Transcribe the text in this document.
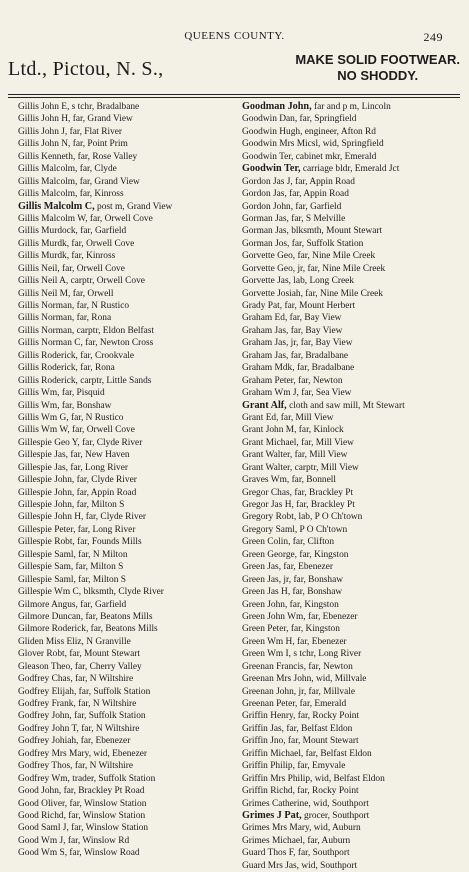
QUEENS COUNTY.	249
Ltd., Pictou, N. S.,	MAKE SOLID FOOTWEAR.
NO SHODDY.
Gillis John E, s tchr, Bradalbane
Gillis John H, far, Grand View
Gillis John J, far, Flat River
Gillis John N, far, Point Prim
Gillis Kenneth, far, Rose Valley
Gillis Malcolm, far, Clyde
Gillis Malcolm, far, Grand View
Gillis Malcolm, far, Kinross
Gillis Malcolm C, post m, Grand View
Gillis Malcolm W, far, Orwell Cove
Gillis Murdock, far, Garfield
Gillis Murdk, far, Orwell Cove
Gillis Murdk, far, Kinross
Gillis Neil, far, Orwell Cove
Gillis Neil A, carptr, Orwell Cove
Gillis Neil M, far, Orwell
Gillis Norman, far, N Rustico
Gillis Norman, far, Rona
Gillis Norman, carptr, Eldon Belfast
Gillis Norman C, far, Newton Cross
Gillis Roderick, far, Crookvale
Gillis Roderick, far, Rona
Gillis Roderick, carptr, Little Sands
Gillis Wm, far, Pisquid
Gillis Wm, far, Bonshaw
Gillis Wm G, far, N Rustico
Gillis Wm W, far, Orwell Cove
Gillespie Geo Y, far, Clyde River
Gillespie Jas, far, New Haven
Gillespie Jas, far, Long River
Gillespie John, far, Clyde River
Gillespie John, far, Appin Road
Gillespie John, far, Milton S
Gillespie John H, far, Clyde River
Gillespie Peter, far, Long River
Gillespie Robt, far, Founds Mills
Gillespie Saml, far, N Milton
Gillespie Sam, far, Milton S
Gillespie Saml, far, Milton S
Gillespie Wm C, blksmth, Clyde River
Gilmore Angus, far, Garfield
Gilmore Duncan, far, Beatons Mills
Gilmore Roderick, far, Beatons Mills
Gliden Miss Eliz, N Granville
Glover Robt, far, Mount Stewart
Gleason Theo, far, Cherry Valley
Godfrey Chas, far, N Wiltshire
Godfrey Elijah, far, Suffolk Station
Godfrey Frank, far, N Wiltshire
Godfrey John, far, Suffolk Station
Godfrey John T, far, N Wiltshire
Godfrey Johiah, far, Ebenezer
Godfrey Mrs Mary, wid, Ebenezer
Godfrey Thos, far, N Wiltshire
Godfrey Wm, trader, Suffolk Station
Good John, far, Brackley Pt Road
Good Oliver, far, Winslow Station
Good Richd, far, Winslow Station
Good Saml J, far, Winslow Station
Good Wm J, far, Winslow Rd
Good Wm S, far, Winslow Road
Goodman John, far and p m, Lincoln
Goodwin Dan, far, Springfield
Goodwin Hugh, engineer, Afton Rd
Goodwin Mrs Micsl, wid, Springfield
Goodwin Ter, cabinet mkr, Emerald
Goodwin Ter, carriage bldr, Emerald Jct
Gordon Jas J, far, Appin Road
Gordon Jas, far, Appin Road
Gordon John, far, Garfield
Gorman Jas, far, S Melville
Gorman Jas, blksmth, Mount Stewart
Gorman Jos, far, Suffolk Station
Gorvette Geo, far, Nine Mile Creek
Gorvette Geo, jr, far, Nine Mile Creek
Gorvette Jas, lab, Long Creek
Gorvette Josiah, far, Nine Mile Creek
Grady Pat, far, Mount Herbert
Graham Ed, far, Bay View
Graham Jas, far, Bay View
Graham Jas, jr, far, Bay View
Graham Jas, far, Bradalbane
Graham Mdk, far, Bradalbane
Graham Peter, far, Newton
Graham Wm J, far, Sea View
Grant Alf, cloth and saw mill, Mt Stewart
Grant Ed, far, Mill View
Grant John M, far, Kinlock
Grant Michael, far, Mill View
Grant Walter, far, Mill View
Grant Walter, carptr, Mill View
Graves Wm, far, Bonnell
Gregor Chas, far, Brackley Pt
Gregor Jas H, far, Brackley Pt
Gregory Robt, lab, P O Ch'town
Gregory Saml, P O Ch'town
Green Colin, far, Clifton
Green George, far, Kingston
Green Jas, far, Ebenezer
Green Jas, jr, far, Bonshaw
Green Jas H, far, Bonshaw
Green John, far, Kingston
Green John Wm, far, Ebenezer
Green Peter, far, Kingston
Green Wm H, far, Ebenezer
Green Wm I, s tchr, Long River
Greenan Francis, far, Newton
Greenan Mrs John, wid, Millvale
Greenan John, jr, far, Millvale
Greenan Peter, far, Emerald
Griffin Henry, far, Rocky Point
Griffin Jas, far, Belfast Eldon
Griffin Jno, far, Mount Stewart
Griffin Michael, far, Belfast Eldon
Griffin Philip, far, Emyvale
Griffin Mrs Philip, wid, Belfast Eldon
Griffin Richd, far, Rocky Point
Grimes Catherine, wid, Southport
Grimes J Pat, grocer, Southport
Grimes Mrs Mary, wid, Auburn
Grimes Michael, far, Auburn
Guard Thos F, far, Southport
Guard Mrs Jas, wid, Southport
